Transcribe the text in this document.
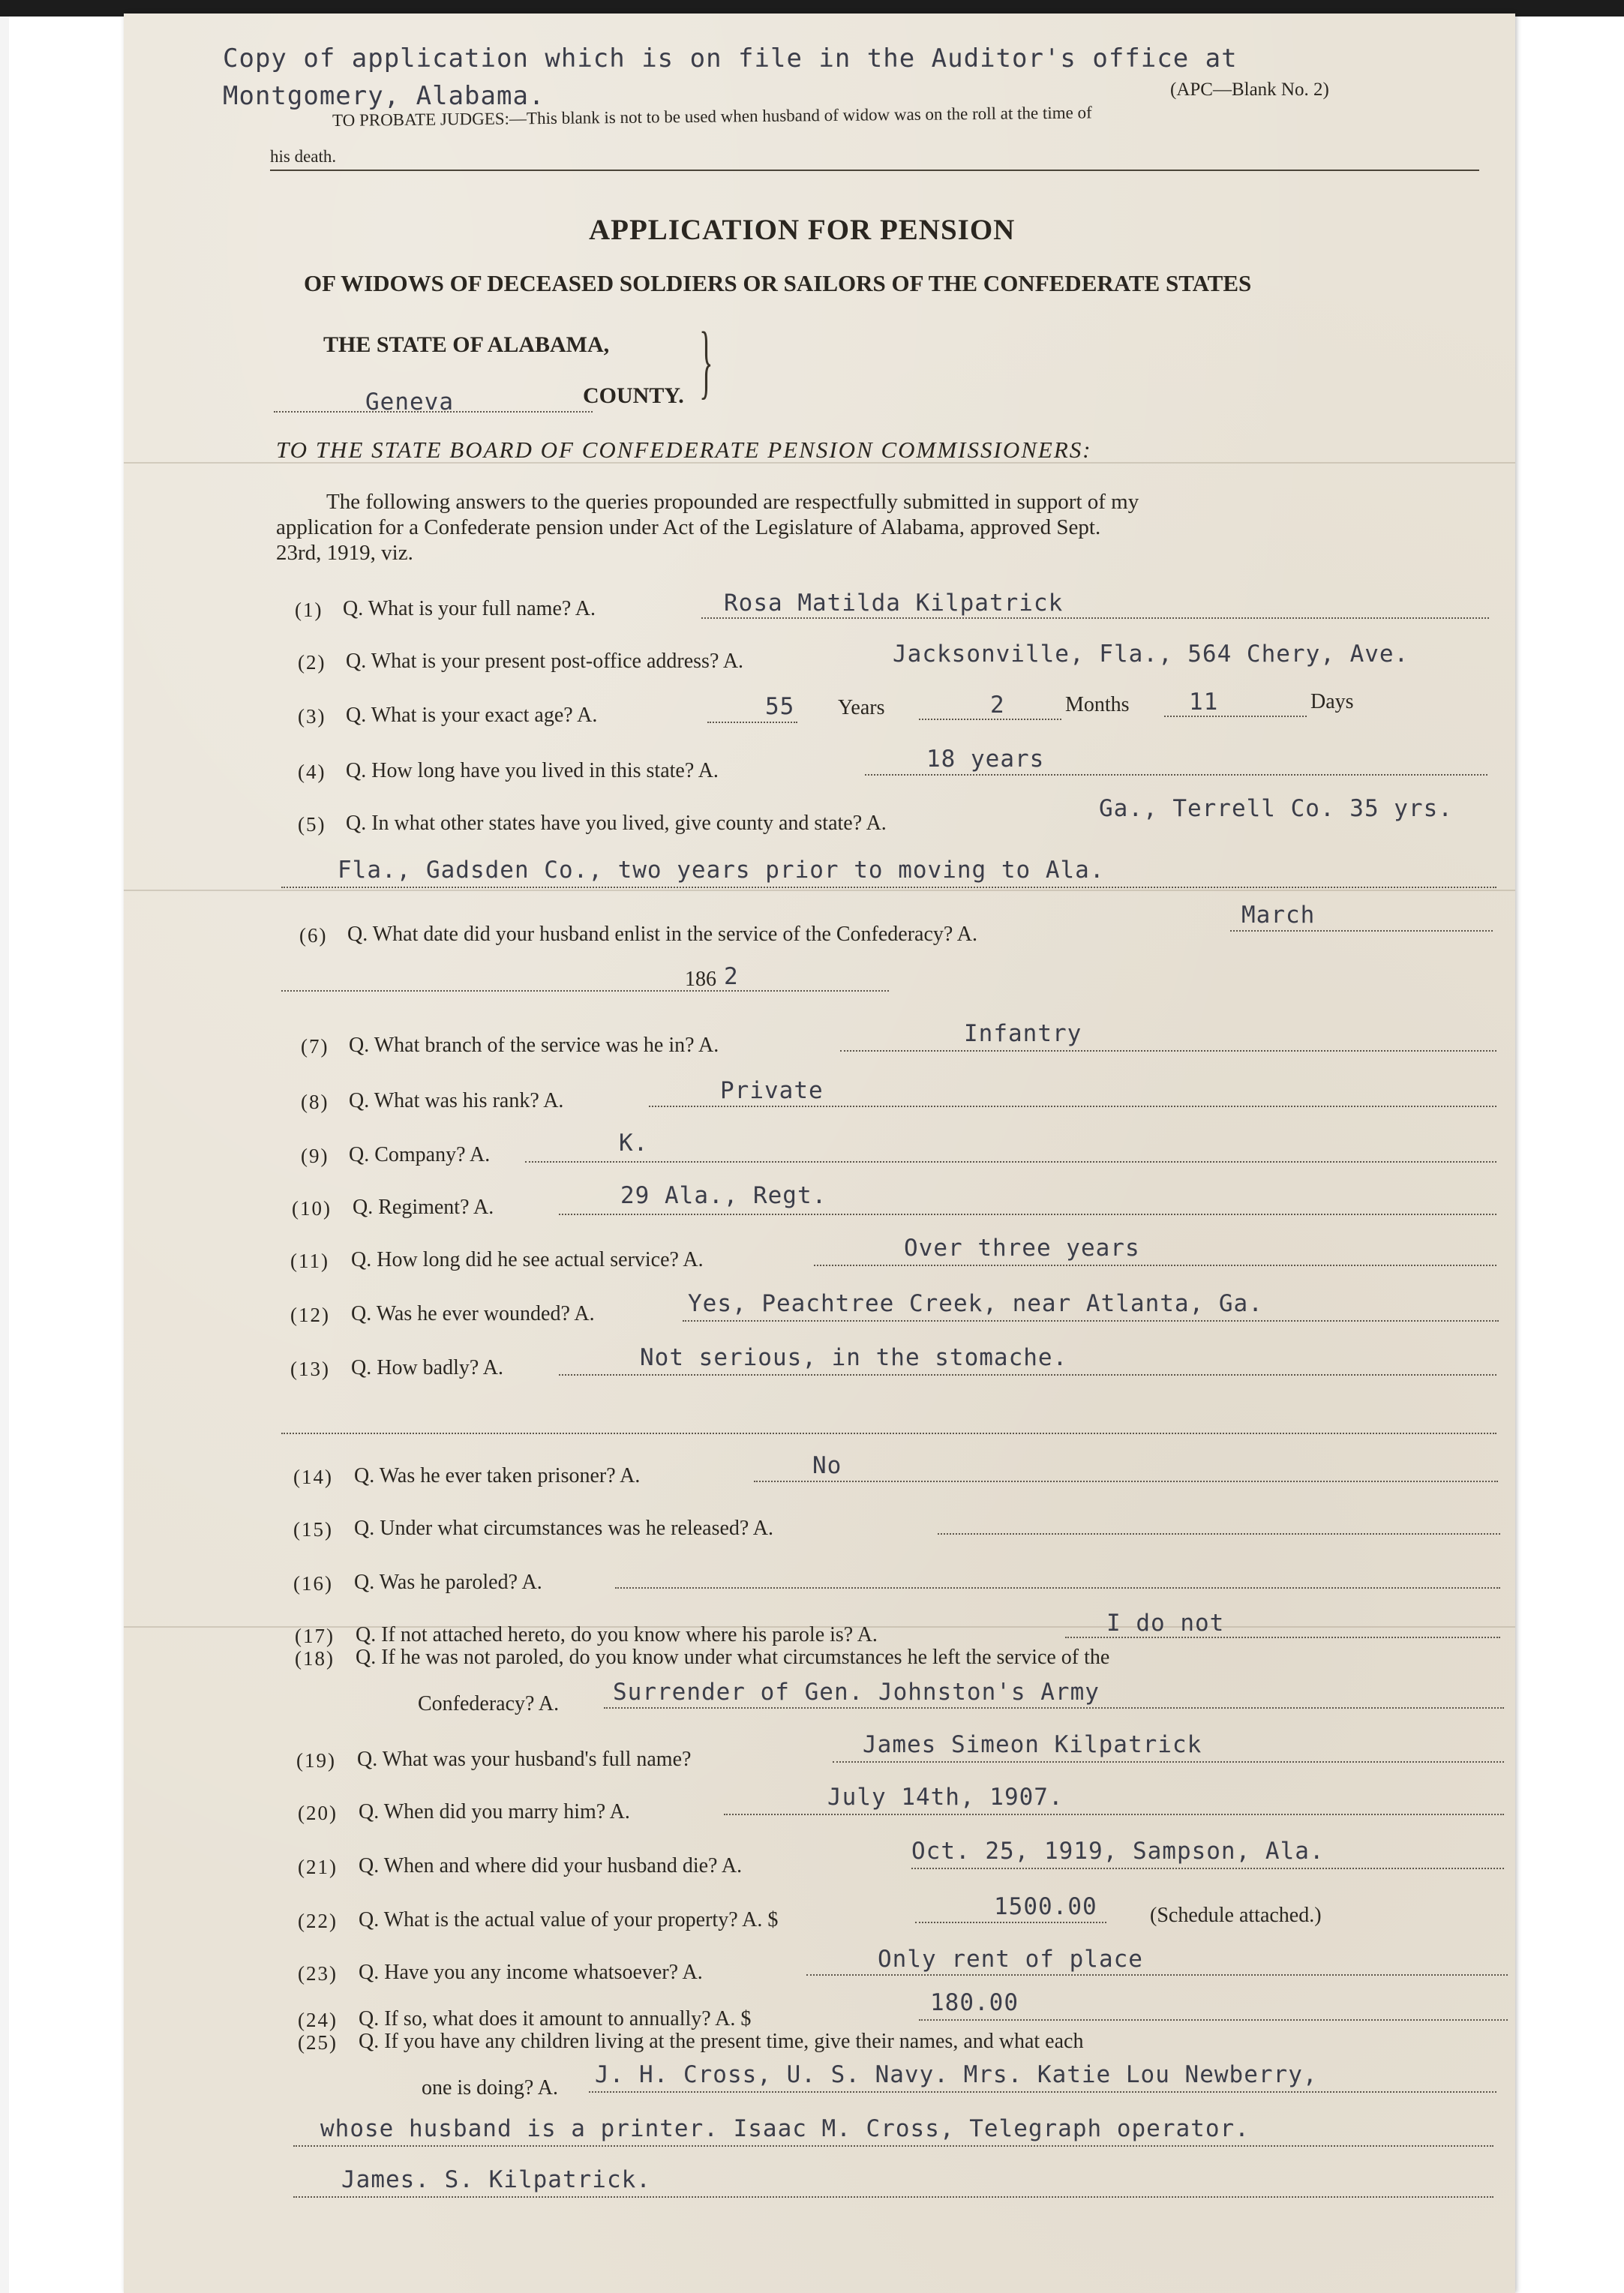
Copy of application which is on file in the Auditor's office at
Montgomery, Alabama.	(APC—Blank No. 2)
TO PROBATE JUDGES:—This blank is not to be used when husband of widow was on the roll at the time of
his death.
APPLICATION FOR PENSION
OF WIDOWS OF DECEASED SOLDIERS OR SAILORS OF THE CONFEDERATE STATES
THE STATE OF ALABAMA,
Geneva	COUNTY. }
TO THE STATE BOARD OF CONFEDERATE PENSION COMMISSIONERS:
The following answers to the queries propounded are respectfully submitted in support of my
application for a Confederate pension under Act of the Legislature of Alabama, approved Sept.
23rd, 1919, viz.
(1) Q. What is your full name? A.	Rosa Matilda Kilpatrick
(2) Q. What is your present post-office address? A.	Jacksonville, Fla., 564 Chery, Ave.
(3) Q. What is your exact age? A.	55 Years	2	Months	11	Days
(4) Q. How long have you lived in this state? A.	18 years
(5) Q. In what other states have you lived, give county and state? A.
Ga., Terrell Co. 35 yrs.
Fla., Gadsden Co., two years prior to moving to Ala.
(6) Q. What date did your husband enlist in the service of the Confederacy? A.
March
186 2
(7) Q. What branch of the service was he in? A.	Infantry
(8) Q. What was his rank? A.	Private
(9) Q. Company? A.	K.
(10) Q. Regiment? A.	29 Ala., Regt.
(11) Q. How long did he see actual service? A.	Over three years
(12) Q. Was he ever wounded? A.	Yes, Peachtree Creek, near Atlanta, Ga.
(13) Q. How badly? A.	Not serious, in the stomache.
(14) Q. Was he ever taken prisoner? A.	No
(15) Q. Under what circumstances was he released? A.
(16) Q. Was he paroled? A.
(17) Q. If not attached hereto, do you know where his parole is? A.	I do not
(18) Q. If he was not paroled, do you know under what circumstances he left the service of the
Confederacy? A. Surrender of Gen. Johnston's Army
(19) Q. What was your husband's full name?
James Simeon Kilpatrick
(20) Q. When did you marry him? A.
July 14th, 1907.
(21) Q. When and where did your husband die? A.
Oct. 25, 1919, Sampson, Ala.
(22) Q. What is the actual value of your property? A. $	1500.00	(Schedule attached.)
(23) Q. Have you any income whatsoever? A.	Only rent of place
(24) Q. If so, what does it amount to annually? A. $
180.00
(25) Q. If you have any children living at the present time, give their names, and what each
one is doing? A. J. H. Cross, U. S. Navy. Mrs. Katie Lou Newberry,
whose husband is a printer. Isaac M. Cross, Telegraph operator.
James. S. Kilpatrick.
